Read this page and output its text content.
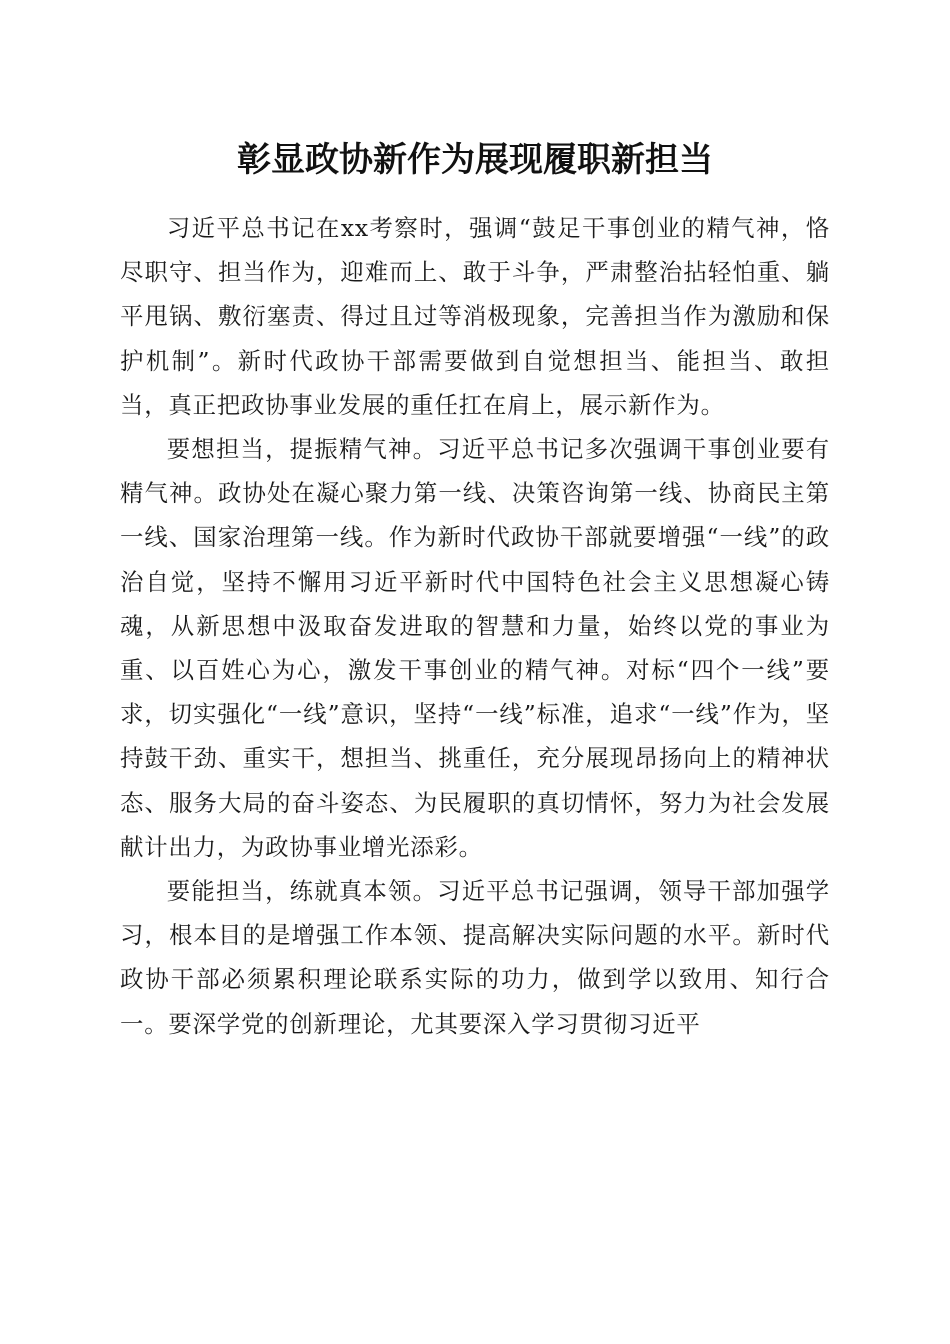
彰显政协新作为展现履职新担当

习近平总书记在xx考察时，强调“鼓足干事创业的精气神，恪尽职守、担当作为，迎难而上、敢于斗争，严肃整治拈轻怕重、躺平甩锅、敷衍塞责、得过且过等消极现象，完善担当作为激励和保护机制”。新时代政协干部需要做到自觉想担当、能担当、敢担当，真正把政协事业发展的重任扛在肩上，展示新作为。

要想担当，提振精气神。习近平总书记多次强调干事创业要有精气神。政协处在凝心聚力第一线、决策咨询第一线、协商民主第一线、国家治理第一线。作为新时代政协干部就要增强“一线”的政治自觉，坚持不懈用习近平新时代中国特色社会主义思想凝心铸魂，从新思想中汲取奋发进取的智慧和力量，始终以党的事业为重、以百姓心为心，激发干事创业的精气神。对标“四个一线”要求，切实强化“一线”意识，坚持“一线”标准，追求“一线”作为，坚持鼓干劲、重实干，想担当、挑重任，充分展现昂扬向上的精神状态、服务大局的奋斗姿态、为民履职的真切情怀，努力为社会发展献计出力，为政协事业增光添彩。

要能担当，练就真本领。习近平总书记强调，领导干部加强学习，根本目的是增强工作本领、提高解决实际问题的水平。新时代政协干部必须累积理论联系实际的功力，做到学以致用、知行合一。要深学党的创新理论，尤其要深入学习贯彻习近平
